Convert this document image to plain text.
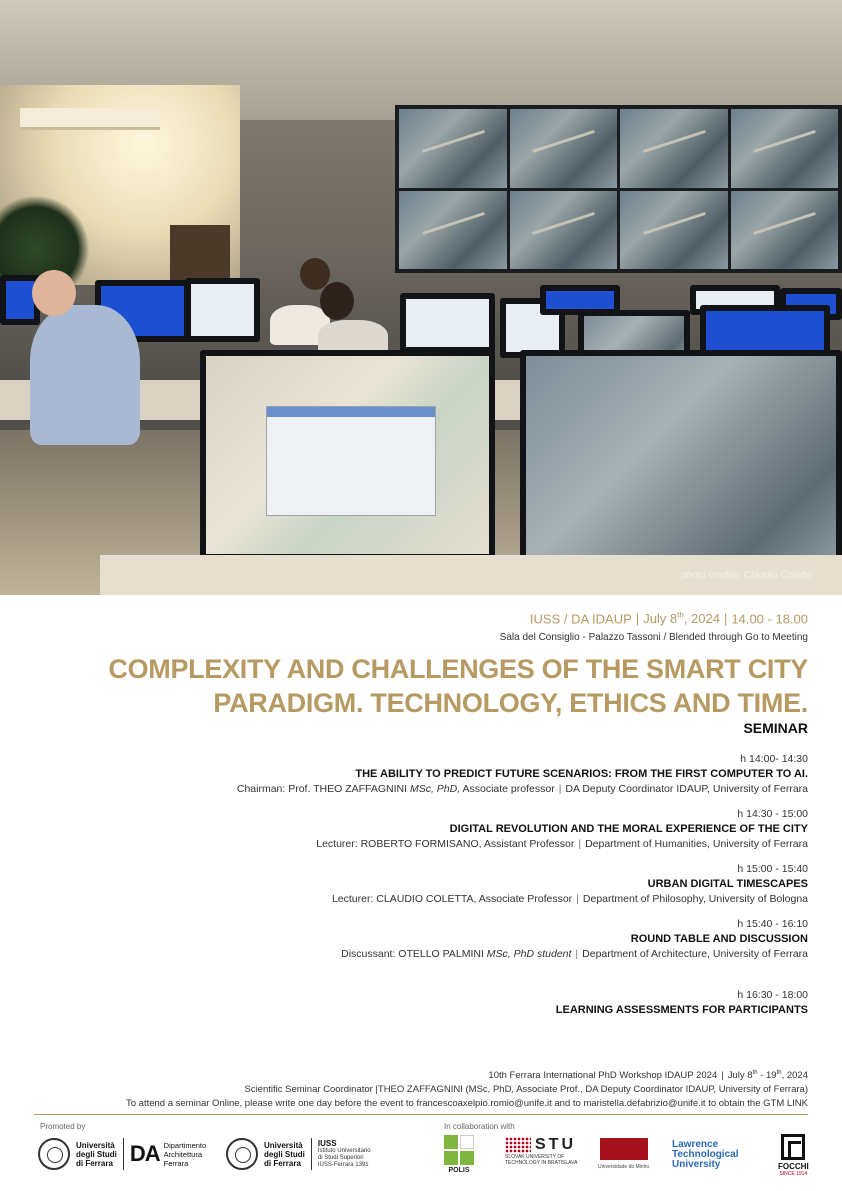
photo credits: Claudio Coletta
IUSS / DA IDAUP | July 8th, 2024 | 14.00 - 18.00
Sala del Consiglio - Palazzo Tassoni / Blended through Go to Meeting
COMPLEXITY AND CHALLENGES OF THE SMART CITY
PARADIGM. TECHNOLOGY, ETHICS AND TIME.
SEMINAR
h 14:00- 14:30
THE ABILITY TO PREDICT FUTURE SCENARIOS: FROM THE FIRST COMPUTER TO AI.
Chairman: Prof. THEO ZAFFAGNINI MSc, PhD, Associate professor | DA Deputy Coordinator IDAUP, University of Ferrara
h 14:30 - 15:00
DIGITAL REVOLUTION AND THE MORAL EXPERIENCE OF THE CITY
Lecturer: ROBERTO FORMISANO, Assistant Professor | Department of Humanities, University of Ferrara
h 15:00 - 15:40
URBAN DIGITAL TIMESCAPES
Lecturer: CLAUDIO COLETTA, Associate Professor | Department of Philosophy, University of Bologna
h 15:40 - 16:10
ROUND TABLE AND DISCUSSION
Discussant: OTELLO PALMINI MSc, PhD student | Department of Architecture, University of Ferrara
h 16:30 - 18:00
LEARNING ASSESSMENTS FOR PARTICIPANTS
10th Ferrara International PhD Workshop IDAUP 2024 | July 8th - 19th, 2024
Scientific Seminar Coordinator |THEO ZAFFAGNINI (MSc, PhD, Associate Prof., DA Deputy Coordinator IDAUP, University of Ferrara)
To attend a seminar Online, please write one day before the event to francescoaxelpio.romio@unife.it and to maristella.defabrizio@unife.it to obtain the GTM LINK
Promoted by	In collaboration with
Università
degli Studi
di Ferrara DA Dipartimento
Architettura
Ferrara
Università
degli Studi
di Ferrara
IUSS
Istituto Universitario
di Studi Superiori
IUSS-Ferrara 1391
POLIS
STU
SLOVAK UNIVERSITY OF
TECHNOLOGY IN BRATISLAVA
Universidade do Minho
Lawrence
Technological
University	FOCCHI
SINCE 1914
